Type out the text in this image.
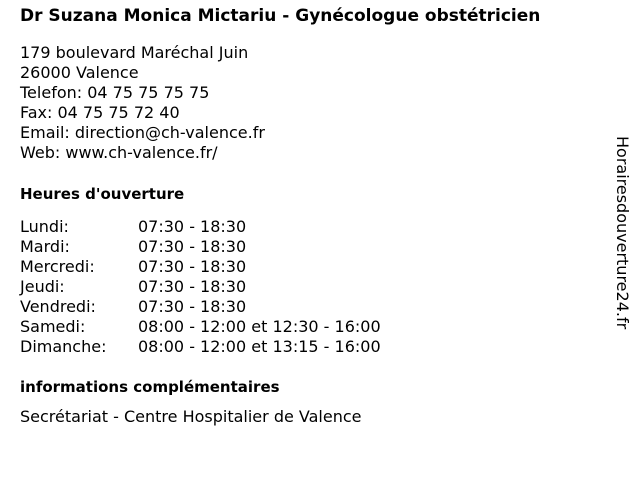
Dr Suzana Monica Mictariu - Gynécologue obstétricien
179 boulevard Maréchal Juin
26000 Valence
Telefon: 04 75 75 75 75
Fax: 04 75 75 72 40
Email: direction@ch-valence.fr
Web: www.ch-valence.fr/
Heures d'ouverture
Lundi:	07:30 - 18:30
Mardi:	07:30 - 18:30
Mercredi:	07:30 - 18:30
Jeudi:	07:30 - 18:30
Vendredi:	07:30 - 18:30
Samedi:	08:00 - 12:00 et 12:30 - 16:00
Dimanche:	08:00 - 12:00 et 13:15 - 16:00
informations complémentaires
Secrétariat - Centre Hospitalier de Valence
Horairesdouverture24.fr
